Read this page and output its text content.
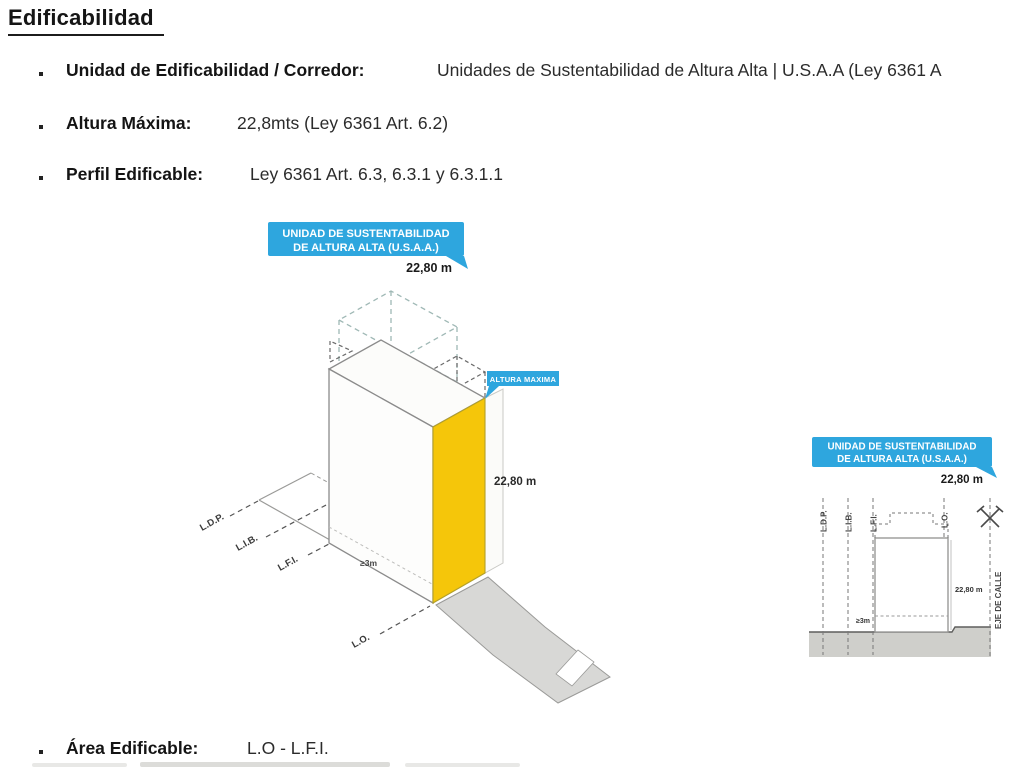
Edificabilidad
Unidad de Edificabilidad / Corredor:	Unidades de Sustentabilidad de Altura Alta | U.S.A.A (Ley 6361 A
Altura Máxima:	22,8mts (Ley 6361 Art. 6.2)
Perfil Edificable:	Ley 6361 Art. 6.3, 6.3.1 y 6.3.1.1
Área Edificable:	L.O - L.F.I.
UNIDAD DE SUSTENTABILIDAD
DE ALTURA ALTA (U.S.A.A.)
22,80 m
≥3m
ALTURA MAXIMA
22,80 m
L.D.P.
L.I.B.
L.F.I.
L.O.
UNIDAD DE SUSTENTABILIDAD
DE ALTURA ALTA (U.S.A.A.)
22,80 m
L.D.P. L.I.B. L.F.I.	L.O.
EJE DE CALLE
≥3m
22,80 m
